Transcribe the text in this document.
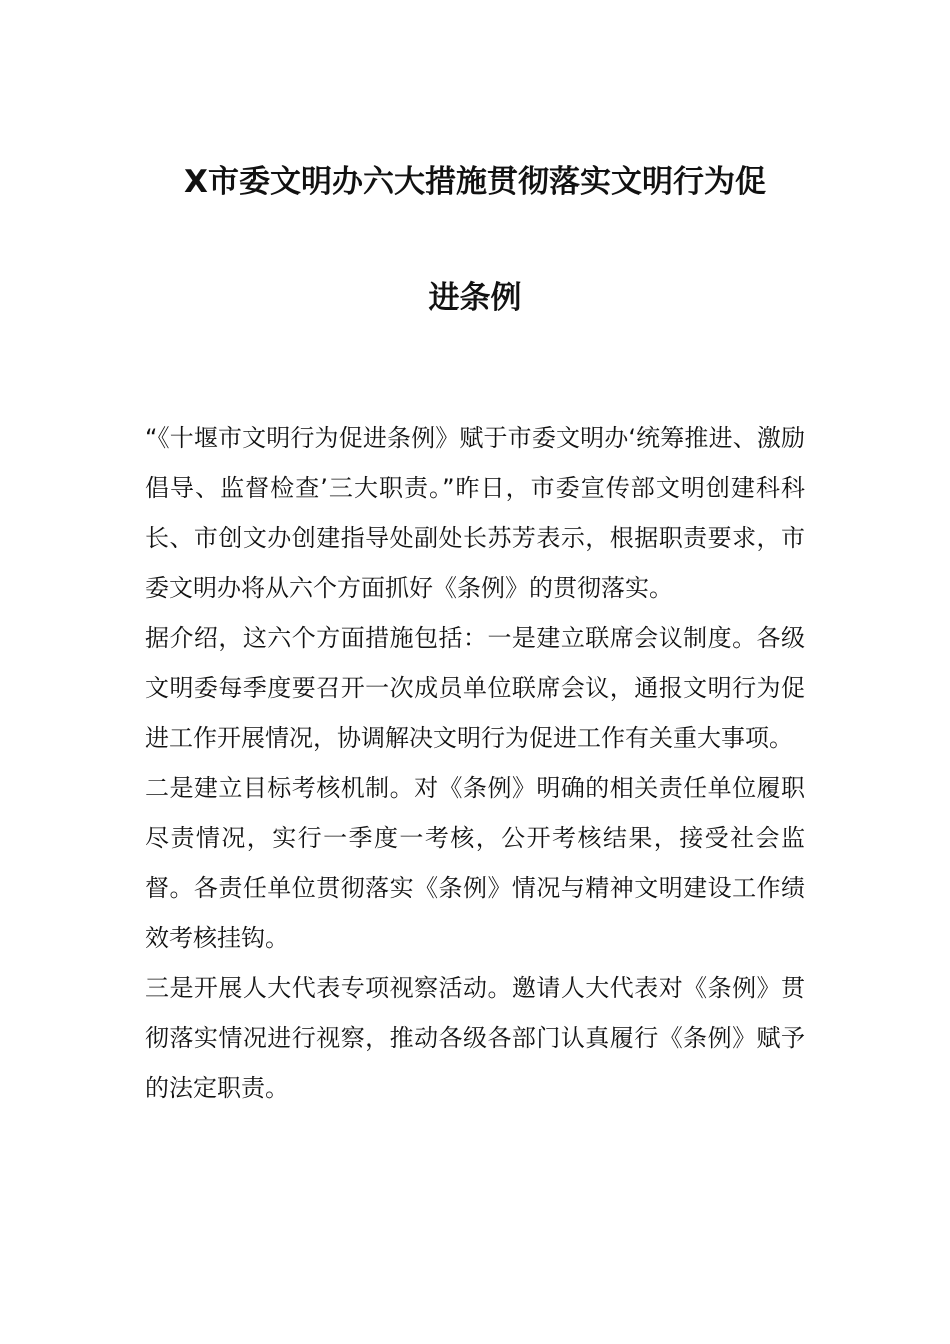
X市委文明办六大措施贯彻落实文明行为促
进条例

“《十堰市文明行为促进条例》赋于市委文明办‘统筹推进、激励倡导、监督检查’三大职责。”昨日，市委宣传部文明创建科科长、市创文办创建指导处副处长苏芳表示，根据职责要求，市委文明办将从六个方面抓好《条例》的贯彻落实。

据介绍，这六个方面措施包括：一是建立联席会议制度。各级文明委每季度要召开一次成员单位联席会议，通报文明行为促进工作开展情况，协调解决文明行为促进工作有关重大事项。

二是建立目标考核机制。对《条例》明确的相关责任单位履职尽责情况，实行一季度一考核，公开考核结果，接受社会监督。各责任单位贯彻落实《条例》情况与精神文明建设工作绩效考核挂钩。

三是开展人大代表专项视察活动。邀请人大代表对《条例》贯彻落实情况进行视察，推动各级各部门认真履行《条例》赋予的法定职责。
